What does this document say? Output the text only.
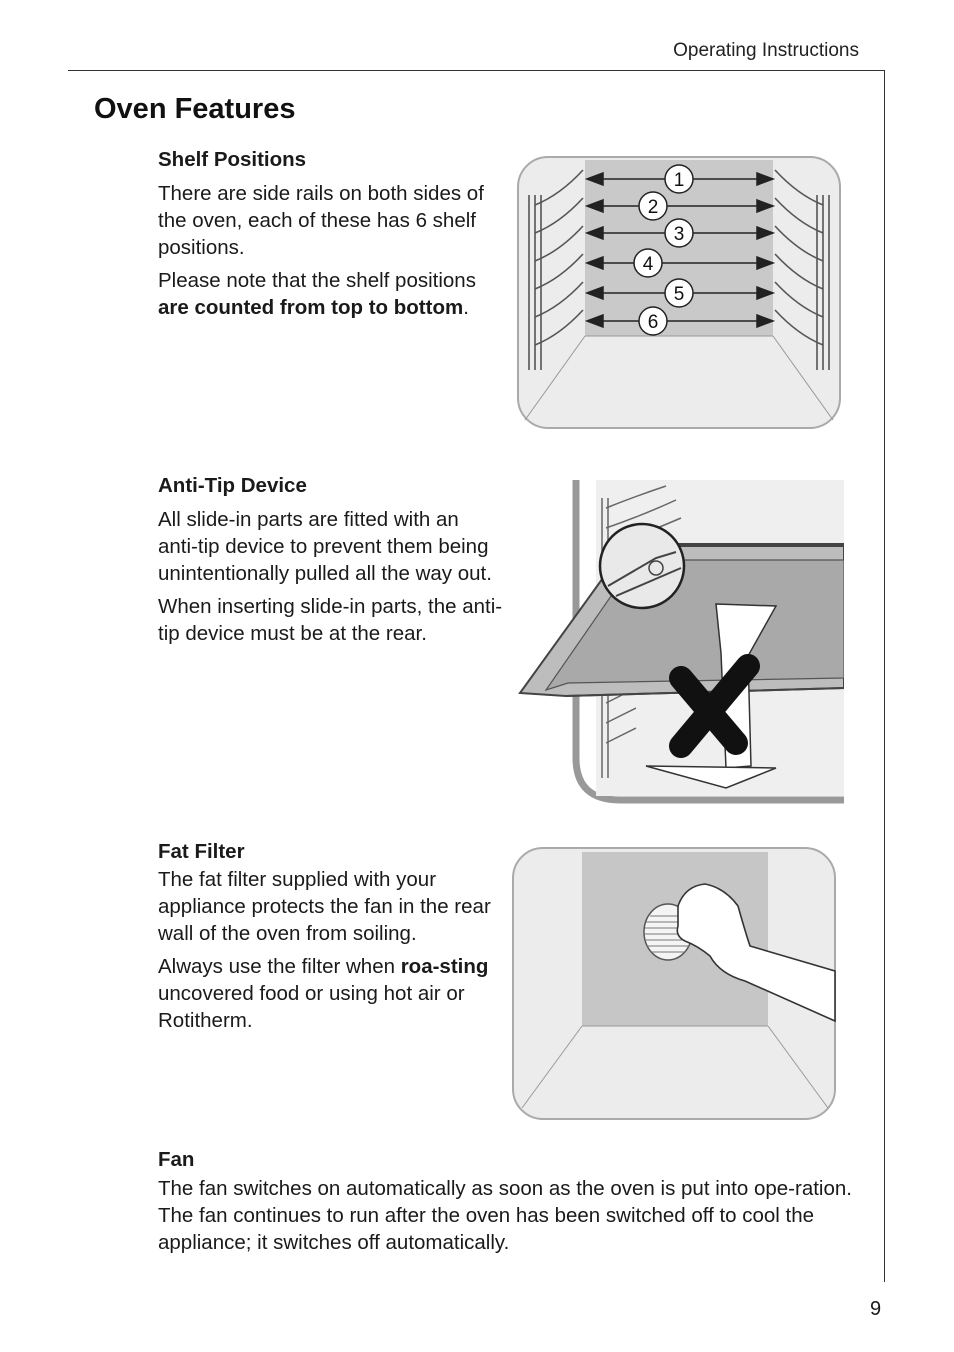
Operating Instructions
Oven Features
Shelf Positions

There are side rails on both sides of the oven, each of these has 6 shelf positions.

Please note that the shelf positions are counted from top to bottom.

1
2
3
4
5
6
Anti-Tip Device

All slide-in parts are fitted with an anti-tip device to prevent them being unintentionally pulled all the way out.

When inserting slide-in parts, the anti-tip device must be at the rear.

Fat Filter

The fat filter supplied with your appliance protects the fan in the rear wall of the oven from soiling.

Always use the filter when roa-sting uncovered food or using hot air or Rotitherm.

Fan

The fan switches on automatically as soon as the oven is put into ope-ration. The fan continues to run after the oven has been switched off to cool the appliance; it switches off automatically.

9
